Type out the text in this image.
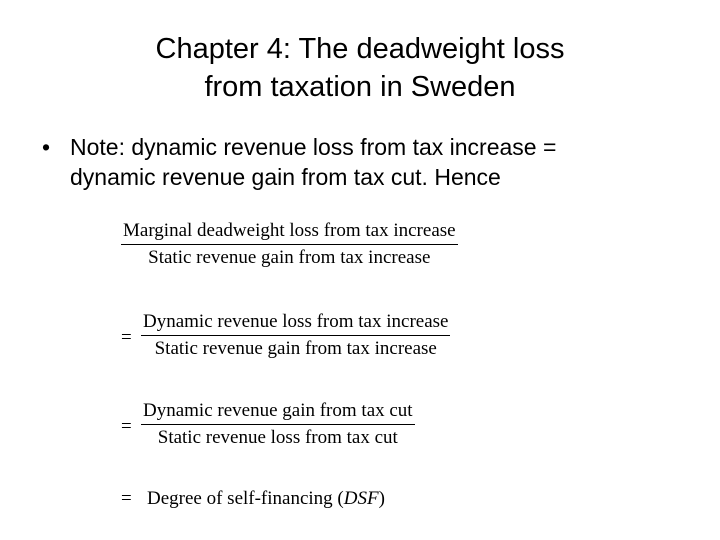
Chapter 4: The deadweight loss
from taxation in Sweden
• Note: dynamic revenue loss from tax increase =
dynamic revenue gain from tax cut. Hence
Marginal deadweight loss from tax increase
Static revenue gain from tax increase
=
Dynamic revenue loss from tax increase
Static revenue gain from tax increase
=
Dynamic revenue gain from tax cut
Static revenue loss from tax cut
= Degree of self-financing (DSF)
